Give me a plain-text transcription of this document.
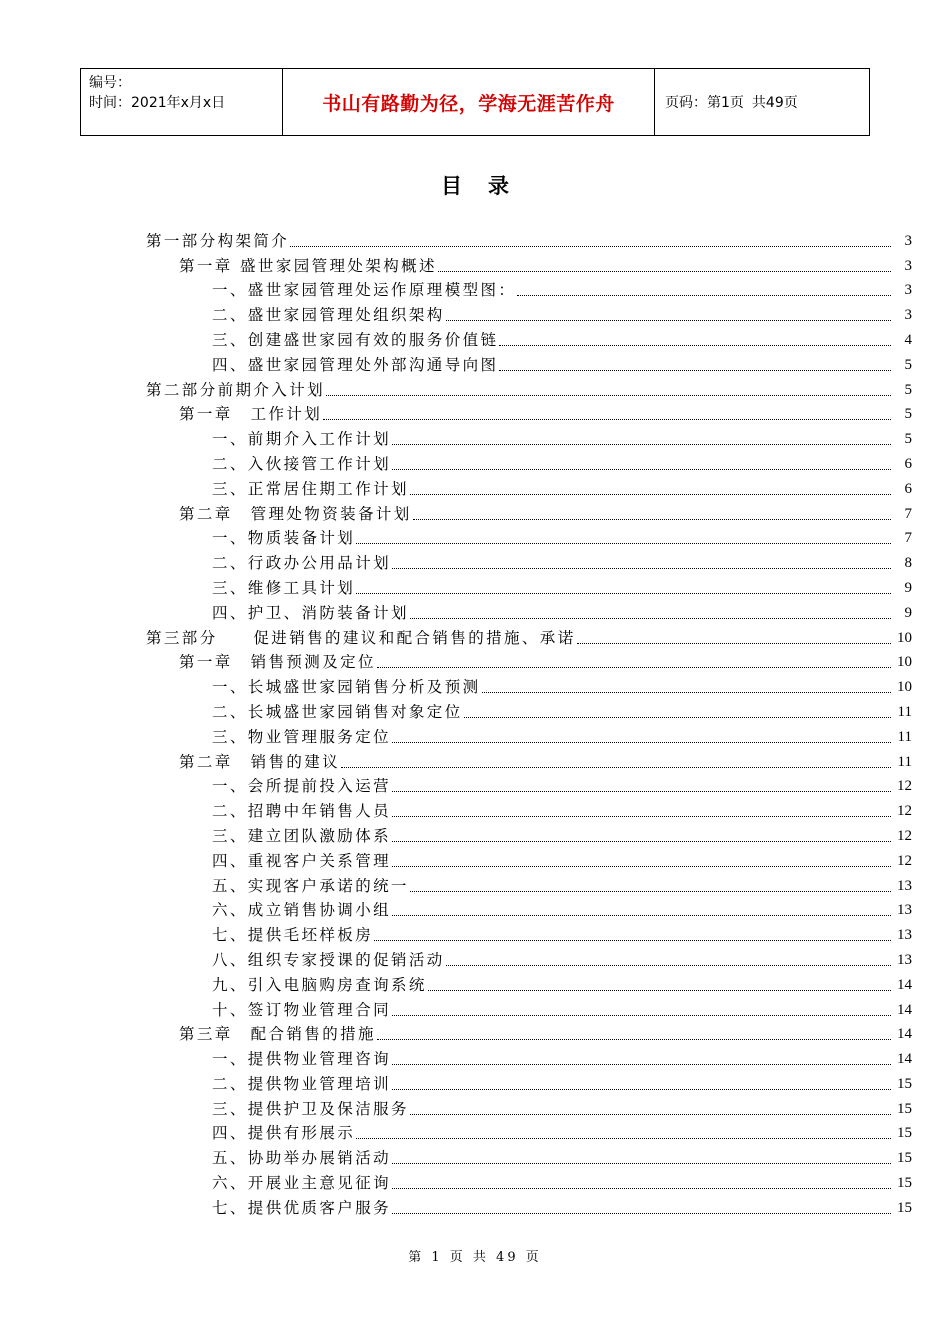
编号：
时间：2021年x月x日	书山有路勤为径，学海无涯苦作舟	页码：第1页 共49页
目录
第一部分构架简介	3
第一章 盛世家园管理处架构概述	3
一、盛世家园管理处运作原理模型图：	3
二、盛世家园管理处组织架构	3
三、创建盛世家园有效的服务价值链	4
四、盛世家园管理处外部沟通导向图	5
第二部分前期介入计划	5
第一章　工作计划	5
一、前期介入工作计划	5
二、入伙接管工作计划	6
三、正常居住期工作计划	6
第二章　管理处物资装备计划	7
一、物质装备计划	7
二、行政办公用品计划	8
三、维修工具计划	9
四、护卫、消防装备计划	9
第三部分　　促进销售的建议和配合销售的措施、承诺	10
第一章　销售预测及定位	10
一、长城盛世家园销售分析及预测	10
二、长城盛世家园销售对象定位	11
三、物业管理服务定位	11
第二章　销售的建议	11
一、会所提前投入运营	12
二、招聘中年销售人员	12
三、建立团队激励体系	12
四、重视客户关系管理	12
五、实现客户承诺的统一	13
六、成立销售协调小组	13
七、提供毛坯样板房	13
八、组织专家授课的促销活动	13
九、引入电脑购房查询系统	14
十、签订物业管理合同	14
第三章　配合销售的措施	14
一、提供物业管理咨询	14
二、提供物业管理培训	15
三、提供护卫及保洁服务	15
四、提供有形展示	15
五、协助举办展销活动	15
六、开展业主意见征询	15
七、提供优质客户服务	15
第 1 页 共 49 页
